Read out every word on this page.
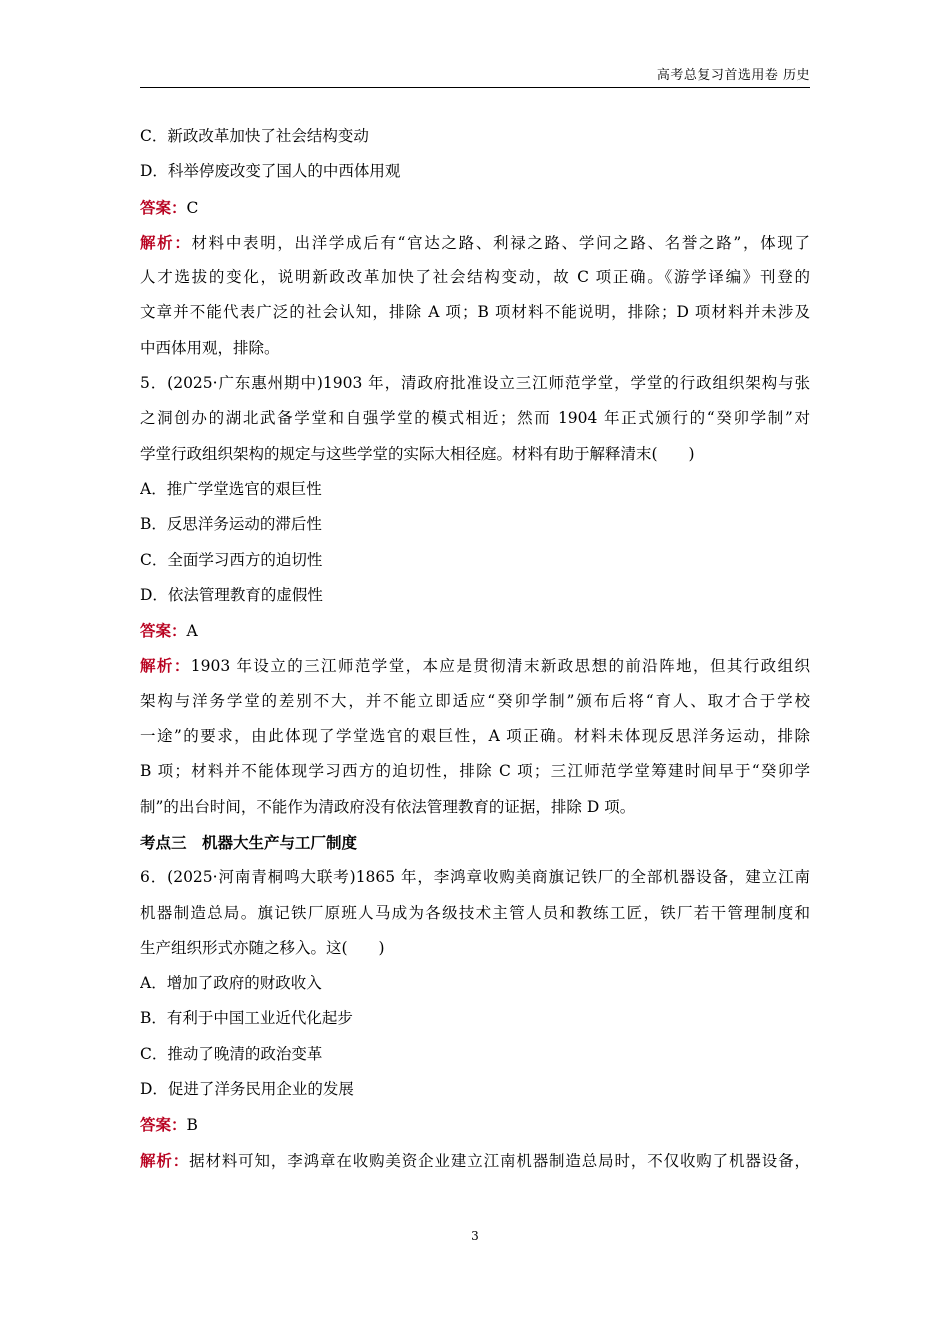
高考总复习首选用卷 历史
C．新政改革加快了社会结构变动
D．科举停废改变了国人的中西体用观
答案：C
解析：材料中表明，出洋学成后有“官达之路、利禄之路、学问之路、名誉之路”，体现了
人才选拔的变化，说明新政改革加快了社会结构变动，故 C 项正确。《游学译编》刊登的
文章并不能代表广泛的社会认知，排除 A 项；B 项材料不能说明，排除；D 项材料并未涉及
中西体用观，排除。
5．(2025·广东惠州期中)1903 年，清政府批准设立三江师范学堂，学堂的行政组织架构与张
之洞创办的湖北武备学堂和自强学堂的模式相近；然而 1904 年正式颁行的“癸卯学制”对
学堂行政组织架构的规定与这些学堂的实际大相径庭。材料有助于解释清末(　　)
A．推广学堂选官的艰巨性
B．反思洋务运动的滞后性
C．全面学习西方的迫切性
D．依法管理教育的虚假性
答案：A
解析：1903 年设立的三江师范学堂，本应是贯彻清末新政思想的前沿阵地，但其行政组织
架构与洋务学堂的差别不大，并不能立即适应“癸卯学制”颁布后将“育人、取才合于学校
一途”的要求，由此体现了学堂选官的艰巨性，A 项正确。材料未体现反思洋务运动，排除
B 项；材料并不能体现学习西方的迫切性，排除 C 项；三江师范学堂筹建时间早于“癸卯学
制”的出台时间，不能作为清政府没有依法管理教育的证据，排除 D 项。
考点三　机器大生产与工厂制度
6．(2025·河南青桐鸣大联考)1865 年，李鸿章收购美商旗记铁厂的全部机器设备，建立江南
机器制造总局。旗记铁厂原班人马成为各级技术主管人员和教练工匠，铁厂若干管理制度和
生产组织形式亦随之移入。这(　　)
A．增加了政府的财政收入
B．有利于中国工业近代化起步
C．推动了晚清的政治变革
D．促进了洋务民用企业的发展
答案：B
解析：据材料可知，李鸿章在收购美资企业建立江南机器制造总局时，不仅收购了机器设备，
3
